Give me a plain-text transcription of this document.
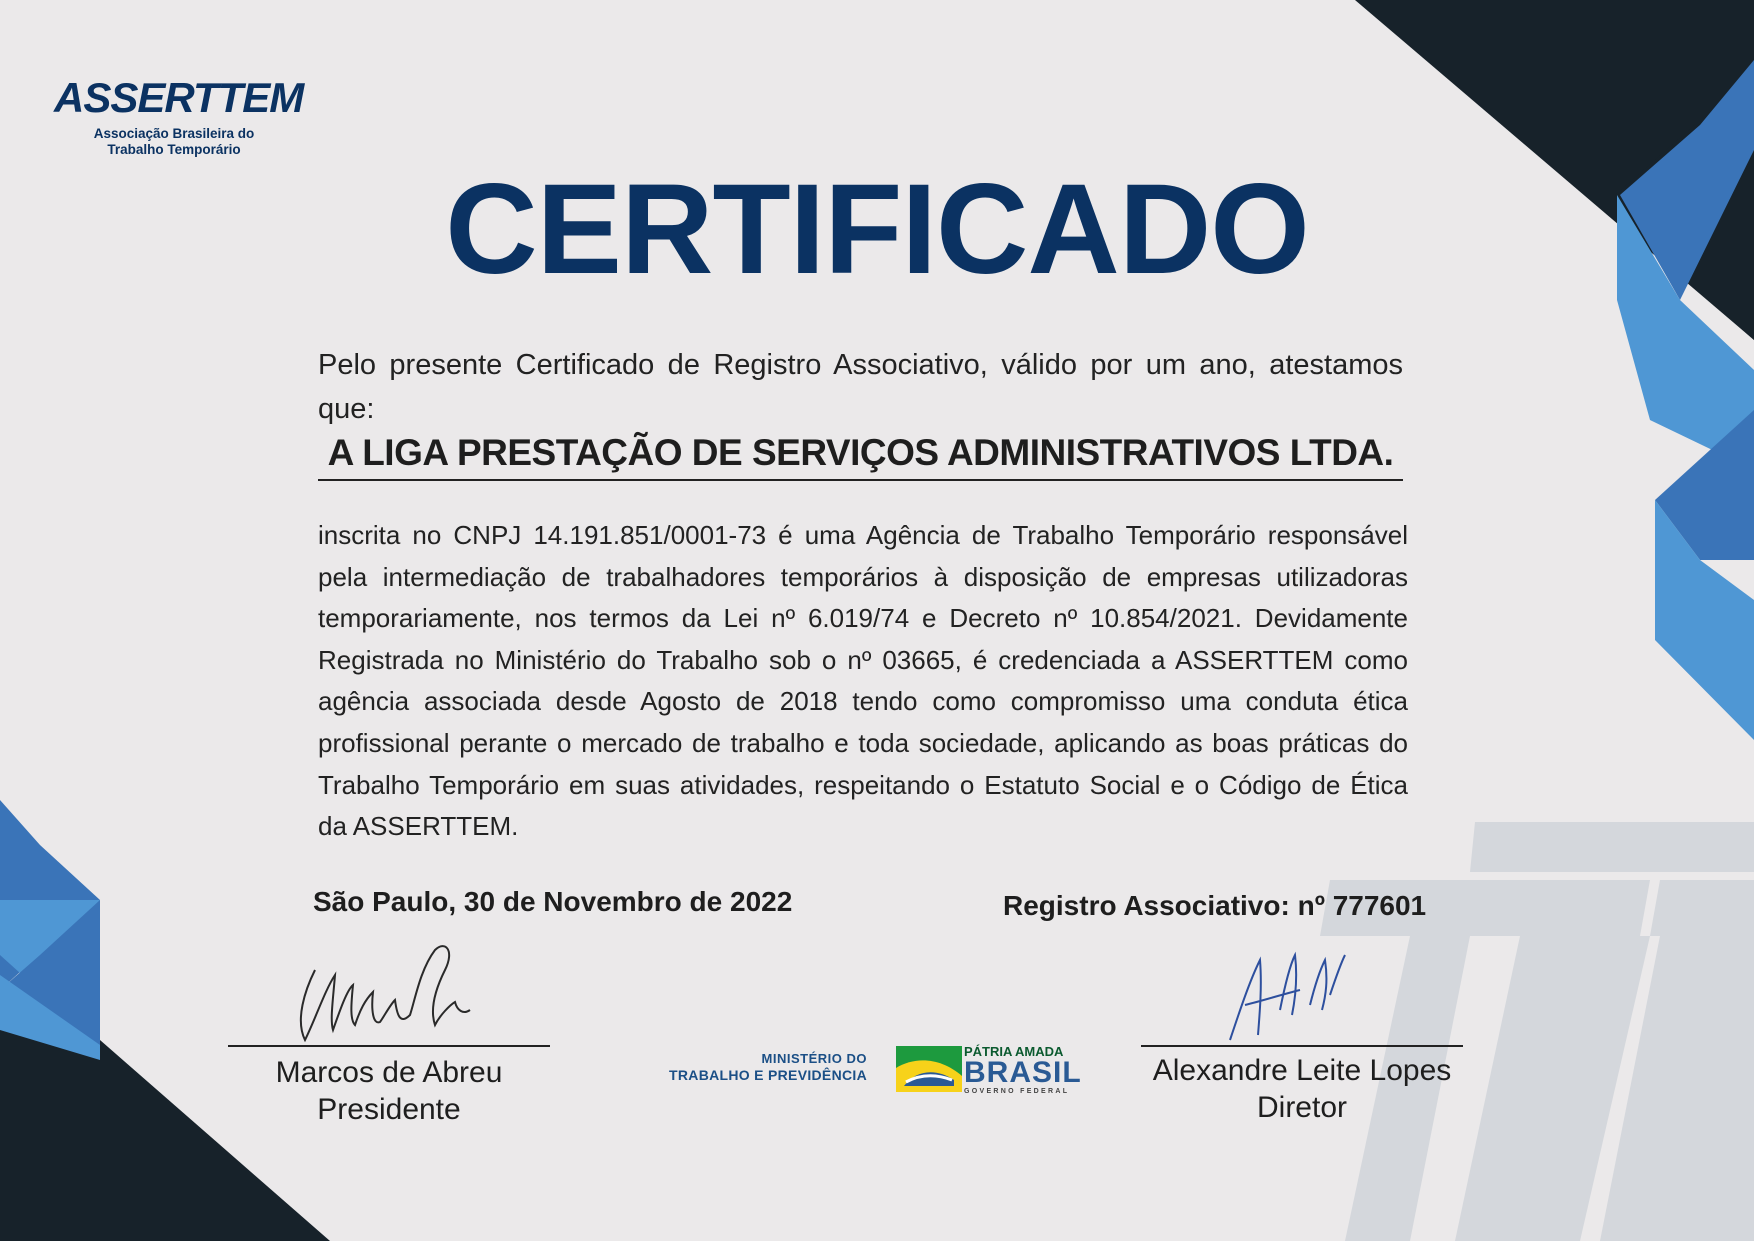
ASSERTTEM
Associação Brasileira do Trabalho Temporário
CERTIFICADO
Pelo presente Certificado de Registro Associativo, válido por um ano, atestamos que:
A LIGA PRESTAÇÃO DE SERVIÇOS ADMINISTRATIVOS LTDA.
inscrita no CNPJ 14.191.851/0001-73 é uma Agência de Trabalho Temporário responsável pela intermediação de trabalhadores temporários à disposição de empresas utilizadoras temporariamente, nos termos da Lei nº 6.019/74 e Decreto nº 10.854/2021. Devidamente Registrada no Ministério do Trabalho sob o nº 03665, é credenciada a ASSERTTEM como agência associada desde Agosto de 2018 tendo como compromisso uma conduta ética profissional perante o mercado de trabalho e toda sociedade, aplicando as boas práticas do Trabalho Temporário em suas atividades, respeitando o Estatuto Social e o Código de Ética da ASSERTTEM.
São Paulo, 30 de Novembro de 2022	Registro Associativo: nº 777601
Marcos de Abreu
Presidente
Alexandre Leite Lopes
Diretor
MINISTÉRIO DO
TRABALHO E PREVIDÊNCIA
PÁTRIA AMADA
BRASIL
GOVERNO FEDERAL
